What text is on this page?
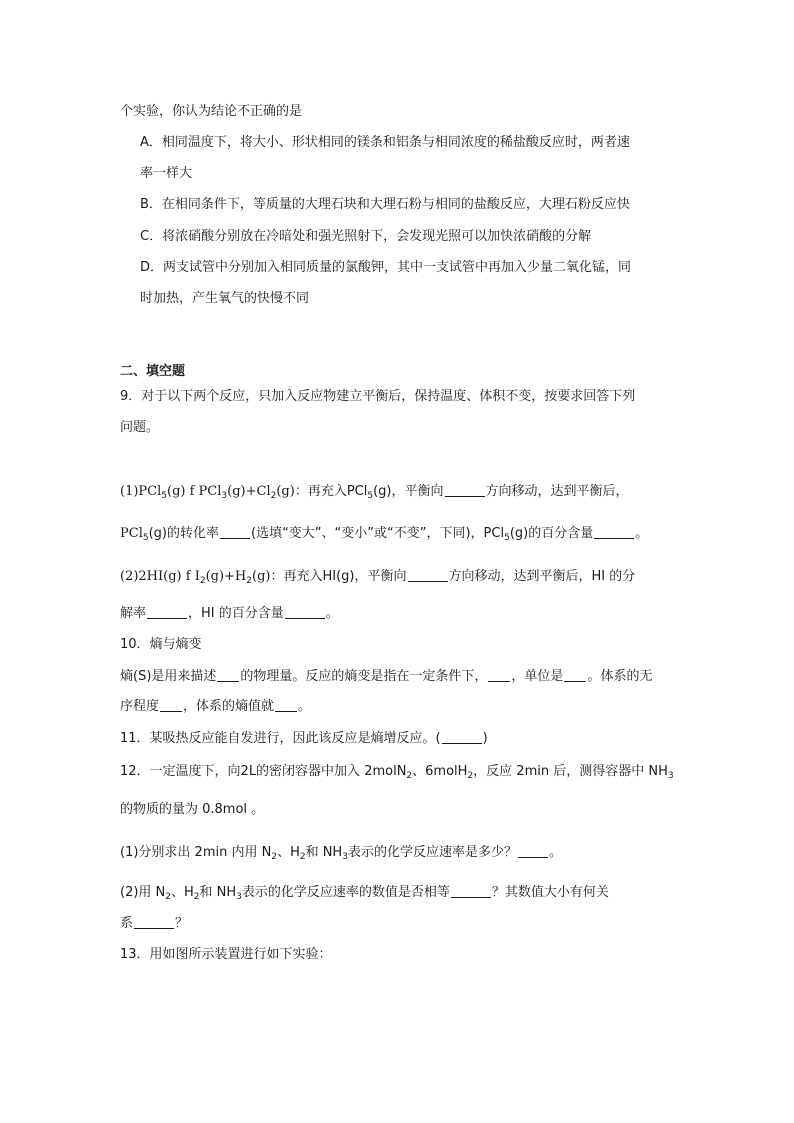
个实验，你认为结论不正确的是
A．相同温度下，将大小、形状相同的镁条和铝条与相同浓度的稀盐酸反应时，两者速
率一样大
B．在相同条件下，等质量的大理石块和大理石粉与相同的盐酸反应，大理石粉反应快
C．将浓硝酸分别放在冷暗处和强光照射下，会发现光照可以加快浓硝酸的分解
D．两支试管中分别加入相同质量的氯酸钾，其中一支试管中再加入少量二氧化锰，同
时加热，产生氧气的快慢不同
二、填空题
9．对于以下两个反应，只加入反应物建立平衡后，保持温度、体积不变，按要求回答下列
问题。
(1)PCl$_5$(g) f $PCl_3(g)+Cl_2(g)$：再充入PCl$_5$(g)，平衡向	方向移动，达到平衡后，
PCl$_5$(g)的转化率 (选填“变大”、“变小”或“不变”，下同)，PCl$_5$(g)的百分含量	。
(2)2HI(g) f $I_2(g)+H_2(g)$：再充入HI(g)，平衡向	方向移动，达到平衡后，HI 的分
解率	，HI 的百分含量	。
10．熵与熵变
熵(S)是用来描述 的物理量。反应的熵变是指在一定条件下， ，单位是 。体系的无
序程度 ，体系的熵值就 。
11．某吸热反应能自发进行，因此该反应是熵增反应。(	)
12．一定温度下，向2L的密闭容器中加入 2molN$_2$、6molH$_2$，反应 2min 后，测得容器中 $NH_3$
的物质的量为 0.8mol 。
(1)分别求出 2min 内用 $N_2$、$H_2$和 $NH_3$表示的化学反应速率是多少？ 。
(2)用 $N_2$、$H_2$和 $NH_3$表示的化学反应速率的数值是否相等	？其数值大小有何关
系	？
13．用如图所示装置进行如下实验：
